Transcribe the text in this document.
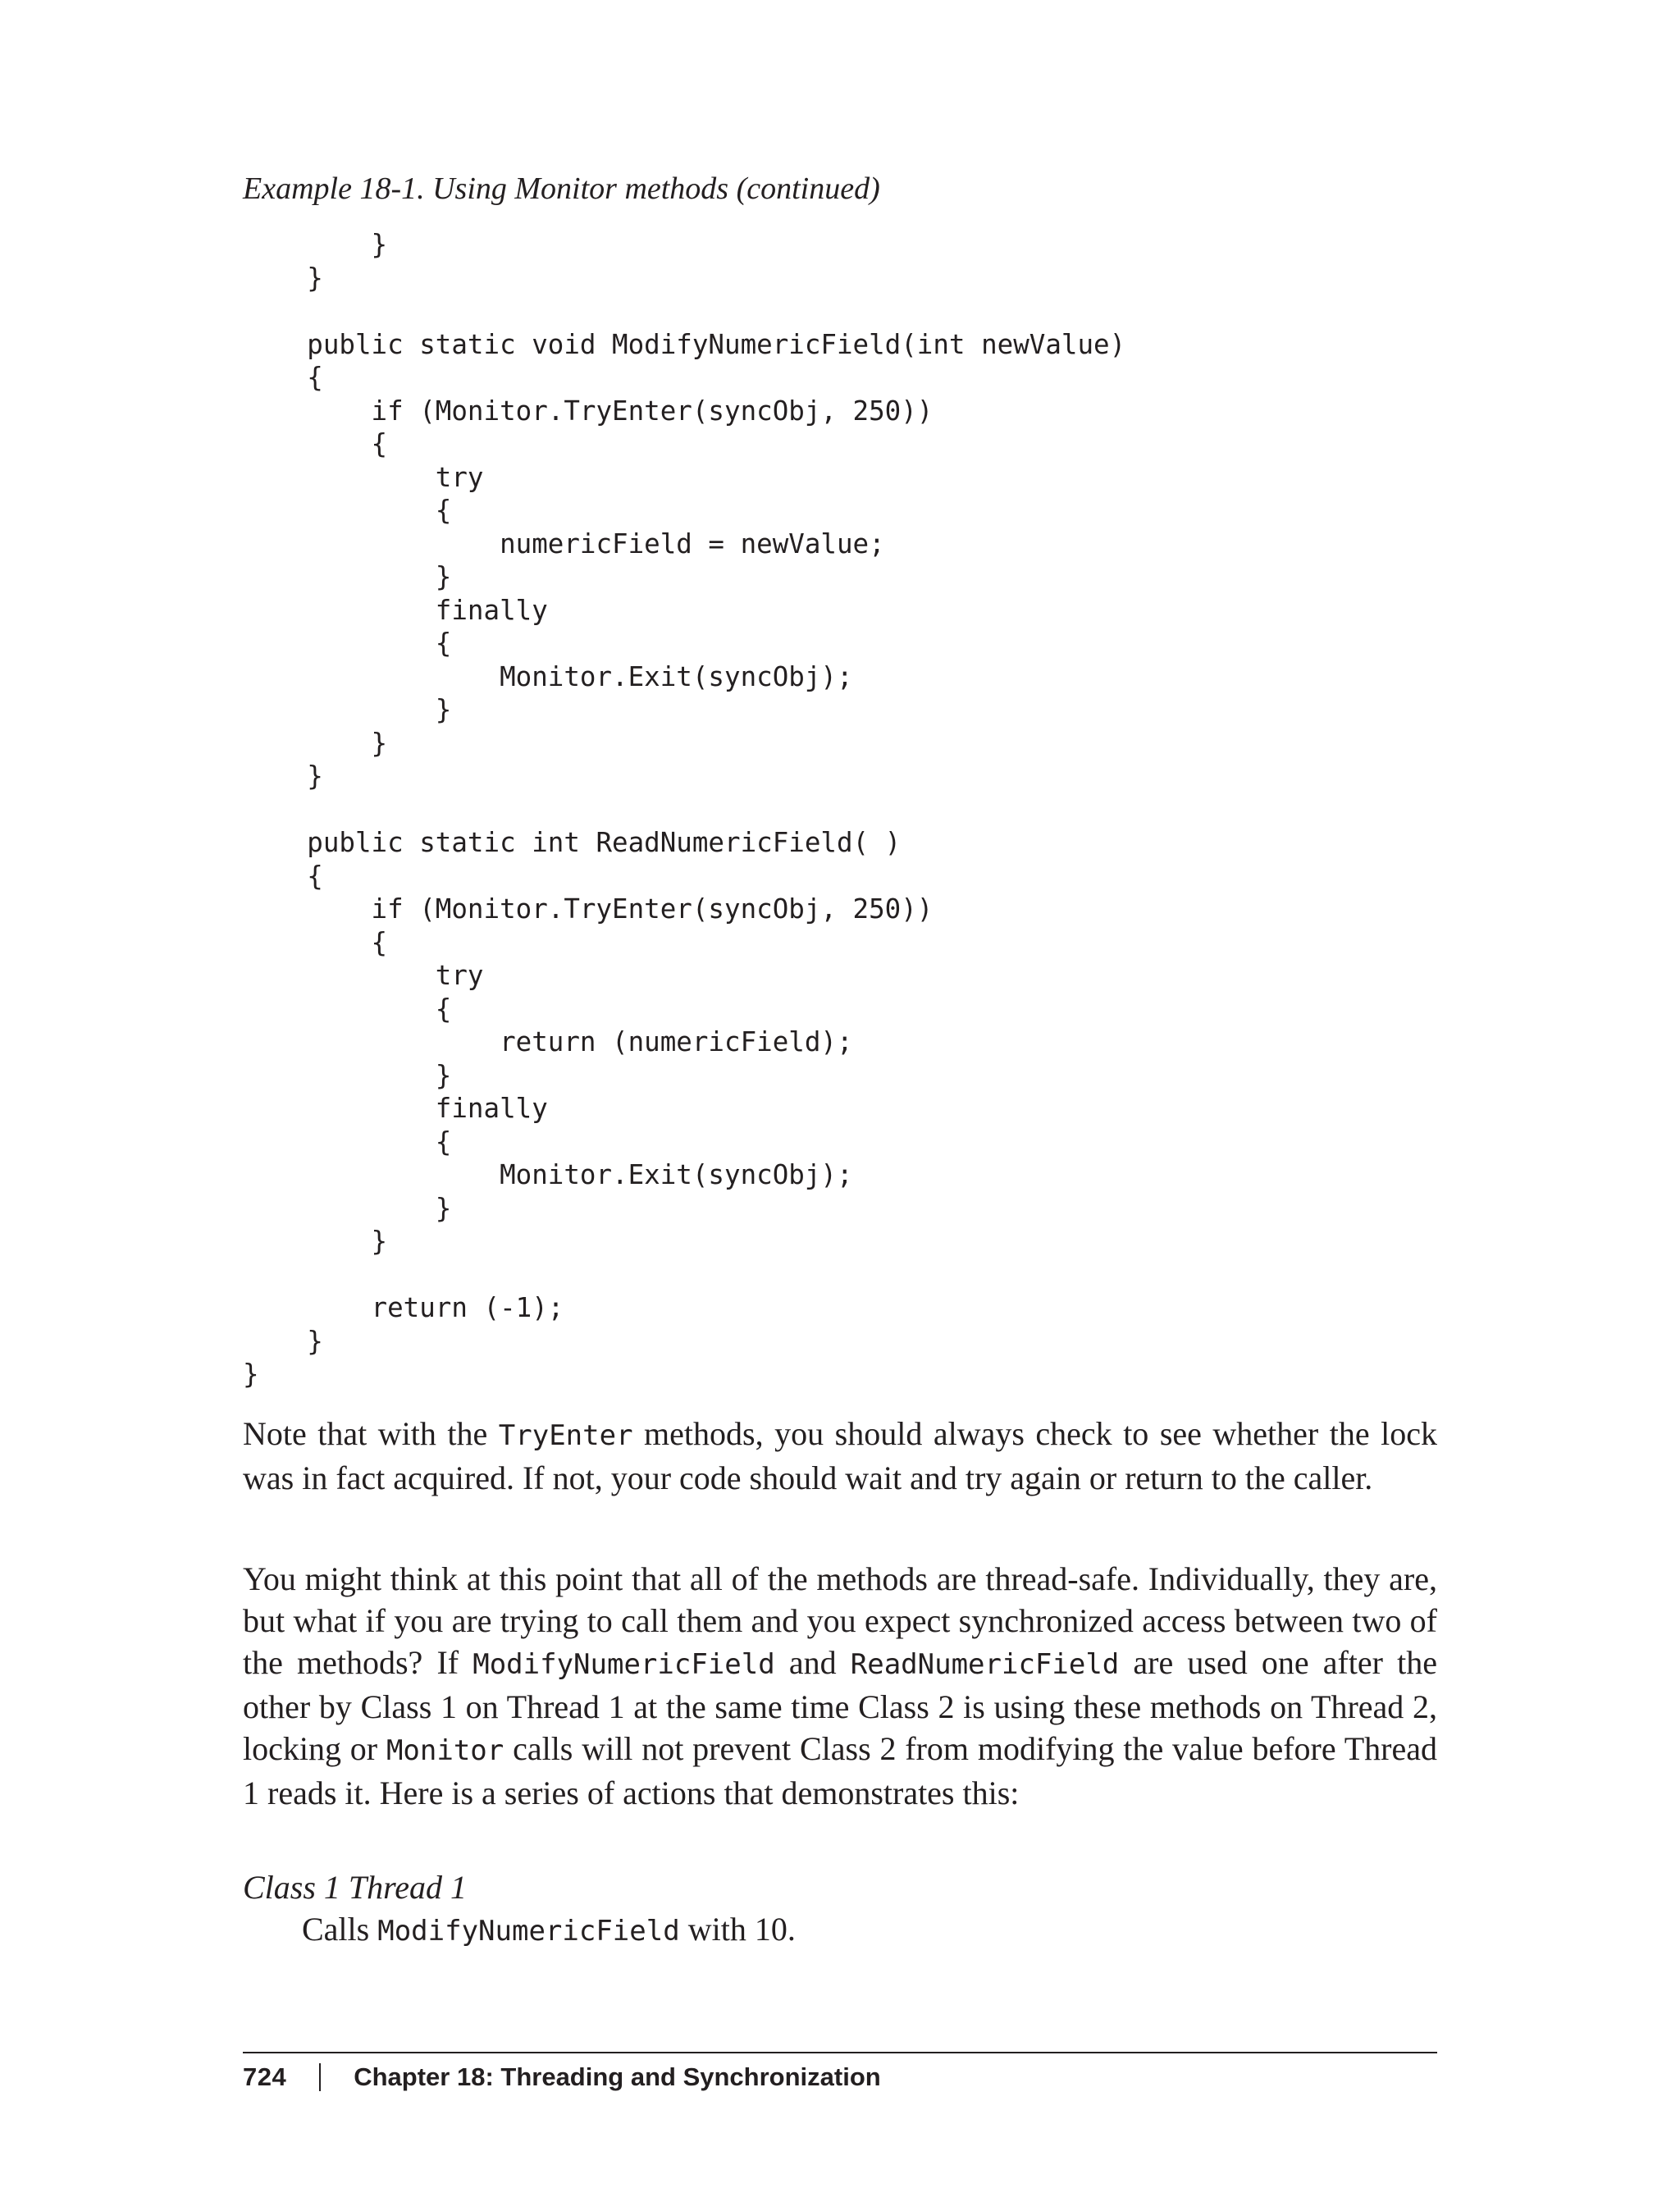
Example 18-1. Using Monitor methods (continued)
}
}
public static void ModifyNumericField(int newValue)
{
if (Monitor.TryEnter(syncObj, 250))
{
try
{
numericField = newValue;
}
finally
{
Monitor.Exit(syncObj);
}
}
}
public static int ReadNumericField( )
{
if (Monitor.TryEnter(syncObj, 250))
{
try
{
return (numericField);
}
finally
{
Monitor.Exit(syncObj);
}
}
return (-1);
}
}
Note that with the TryEnter methods, you should always check to see whether the lock was in fact acquired. If not, your code should wait and try again or return to the caller.
You might think at this point that all of the methods are thread-safe. Individually, they are, but what if you are trying to call them and you expect synchronized access between two of the methods? If ModifyNumericField and ReadNumericField are used one after the other by Class 1 on Thread 1 at the same time Class 2 is using these methods on Thread 2, locking or Monitor calls will not prevent Class 2 from modifying the value before Thread 1 reads it. Here is a series of actions that demonstrates this:
Class 1 Thread 1
Calls ModifyNumericField with 10.
724	Chapter 18: Threading and Synchronization
